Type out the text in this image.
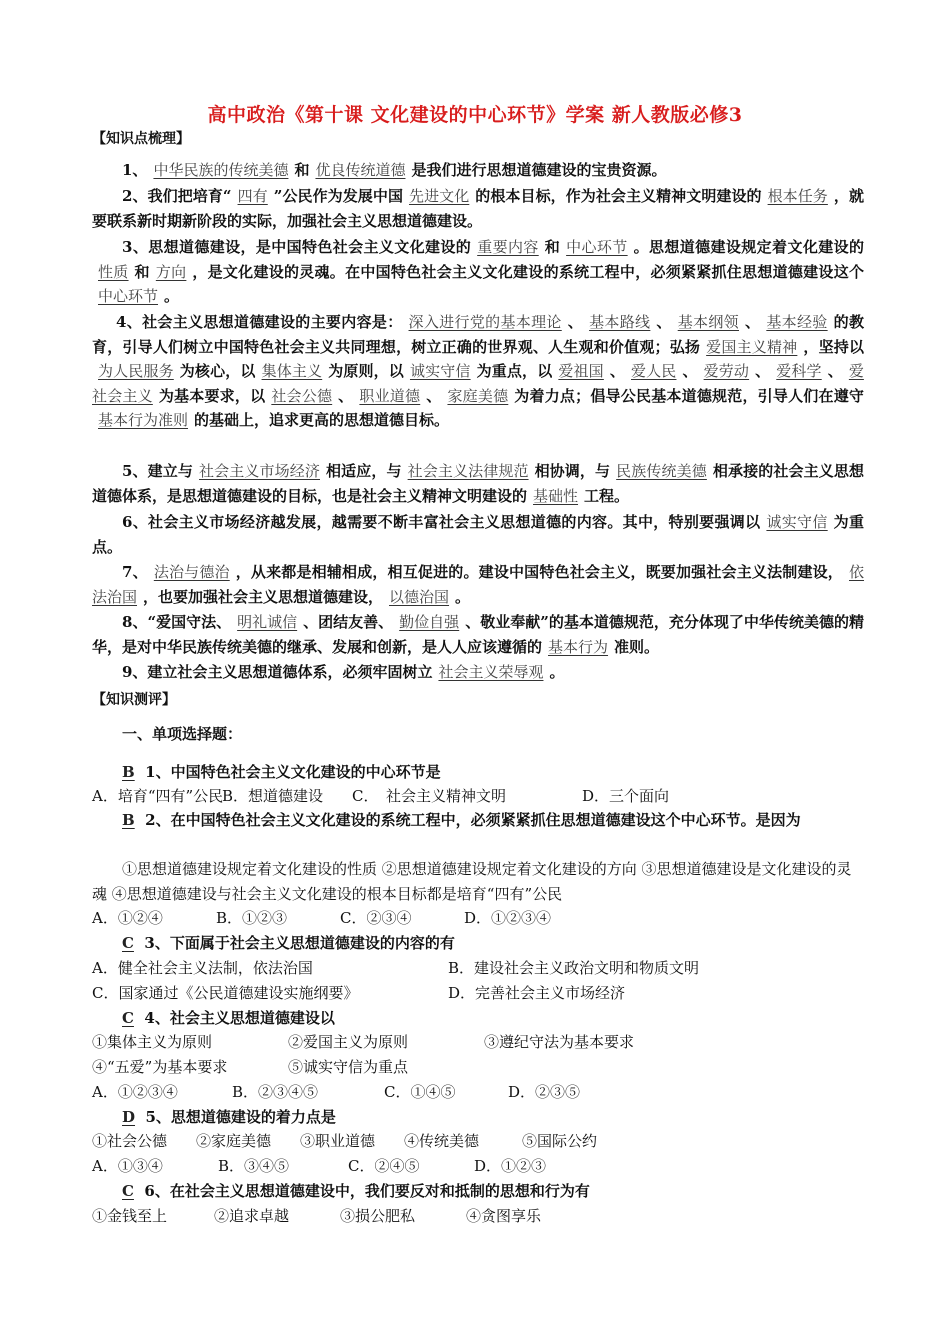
高中政治《第十课 文化建设的中心环节》学案 新人教版必修3
【知识点梳理】
1、 中华民族的传统美德 和 优良传统道德 是我们进行思想道德建设的宝贵资源。
2、我们把培育“ 四有 ”公民作为发展中国 先进文化 的根本目标，作为社会主义精神文明建设的 根本任务 ，就要联系新时期新阶段的实际，加强社会主义思想道德建设。
3、思想道德建设，是中国特色社会主义文化建设的 重要内容 和 中心环节 。思想道德建设规定着文化建设的性质 和 方向 ，是文化建设的灵魂。在中国特色社会主义文化建设的系统工程中，必须紧紧抓住思想道德建设这个中心环节 。
4、社会主义思想道德建设的主要内容是： 深入进行党的基本理论 、 基本路线 、 基本纲领 、 基本经验 的教育，引导人们树立中国特色社会主义共同理想，树立正确的世界观、人生观和价值观；弘扬 爱国主义精神 ，坚持以为人民服务 为核心，以 集体主义 为原则，以 诚实守信 为重点，以 爱祖国 、 爱人民 、 爱劳动 、 爱科学 、 爱社会主义 为基本要求，以 社会公德 、 职业道德 、 家庭美德 为着力点；倡导公民基本道德规范，引导人们在遵守基本行为准则 的基础上，追求更高的思想道德目标。
5、建立与 社会主义市场经济 相适应，与 社会主义法律规范 相协调，与 民族传统美德 相承接的社会主义思想道德体系，是思想道德建设的目标，也是社会主义精神文明建设的 基础性 工程。
6、社会主义市场经济越发展，越需要不断丰富社会主义思想道德的内容。其中，特别要强调以 诚实守信 为重点。
7、 法治与德治 ，从来都是相辅相成，相互促进的。建设中国特色社会主义，既要加强社会主义法制建设， 依法治国 ，也要加强社会主义思想道德建设， 以德治国 。
8、“爱国守法、 明礼诚信 、团结友善、 勤俭自强 、敬业奉献”的基本道德规范，充分体现了中华传统美德的精华，是对中华民族传统美德的继承、发展和创新，是人人应该遵循的 基本行为 准则。
9、建立社会主义思想道德体系，必须牢固树立 社会主义荣辱观 。
【知识测评】
一、单项选择题：
B 1、中国特色社会主义文化建设的中心环节是
A．培育“四有”公民
B．想道德建设	C． 社会主义精神文明	D．三个面向
B 2、在中国特色社会主义文化建设的系统工程中，必须紧紧抓住思想道德建设这个中心环节。是因为
①思想道德建设规定着文化建设的性质 ②思想道德建设规定着文化建设的方向 ③思想道德建设是文化建设的灵魂 ④思想道德建设与社会主义文化建设的根本目标都是培育“四有”公民
A．①②④	B．①②③	C．②③④	D．①②③④
C 3、下面属于社会主义思想道德建设的内容的有
A．健全社会主义法制，依法治国	B．建设社会主义政治文明和物质文明
C．国家通过《公民道德建设实施纲要》	D．完善社会主义市场经济
C 4、社会主义思想道德建设以
①集体主义为原则	②爱国主义为原则	③遵纪守法为基本要求
④“五爱”为基本要求	⑤诚实守信为重点
A．①②③④	B．②③④⑤	C．①④⑤	D．②③⑤
D 5、思想道德建设的着力点是
①社会公德	②家庭美德	③职业道德	④传统美德	⑤国际公约
A．①③④	B．③④⑤	C．②④⑤	D．①②③
C 6、在社会主义思想道德建设中，我们要反对和抵制的思想和行为有
①金钱至上	②追求卓越	③损公肥私	④贪图享乐
